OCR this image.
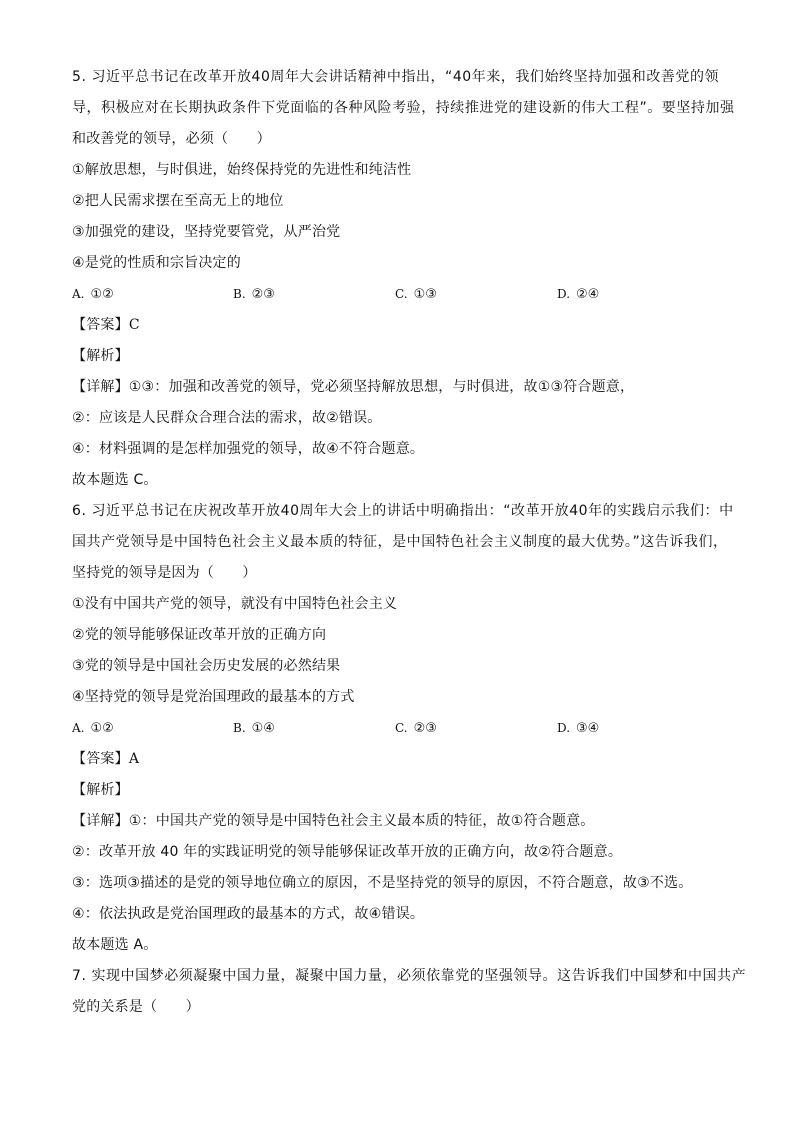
5. 习近平总书记在改革开放40周年大会讲话精神中指出，“40年来，我们始终坚持加强和改善党的领
导，积极应对在长期执政条件下党面临的各种风险考验，持续推进党的建设新的伟大工程”。要坚持加强
和改善党的领导，必须（　　）
①解放思想，与时俱进，始终保持党的先进性和纯洁性
②把人民需求摆在至高无上的地位
③加强党的建设，坚持党要管党，从严治党
④是党的性质和宗旨决定的
A. ①②	B. ②③	C. ①③	D. ②④
【答案】C
【解析】
【详解】①③：加强和改善党的领导，党必须坚持解放思想，与时俱进，故①③符合题意，
②：应该是人民群众合理合法的需求，故②错误。
④：材料强调的是怎样加强党的领导，故④不符合题意。
故本题选 C。
6. 习近平总书记在庆祝改革开放40周年大会上的讲话中明确指出：“改革开放40年的实践启示我们：中
国共产党领导是中国特色社会主义最本质的特征，是中国特色社会主义制度的最大优势。”这告诉我们，
坚持党的领导是因为（　　）
①没有中国共产党的领导，就没有中国特色社会主义
②党的领导能够保证改革开放的正确方向
③党的领导是中国社会历史发展的必然结果
④坚持党的领导是党治国理政的最基本的方式
A. ①②	B. ①④	C. ②③	D. ③④
【答案】A
【解析】
【详解】①：中国共产党的领导是中国特色社会主义最本质的特征，故①符合题意。
②：改革开放 40 年的实践证明党的领导能够保证改革开放的正确方向，故②符合题意。
③：选项③描述的是党的领导地位确立的原因，不是坚持党的领导的原因，不符合题意，故③不选。
④：依法执政是党治国理政的最基本的方式，故④错误。
故本题选 A。
7. 实现中国梦必须凝聚中国力量，凝聚中国力量，必须依靠党的坚强领导。这告诉我们中国梦和中国共产
党的关系是（　　）
